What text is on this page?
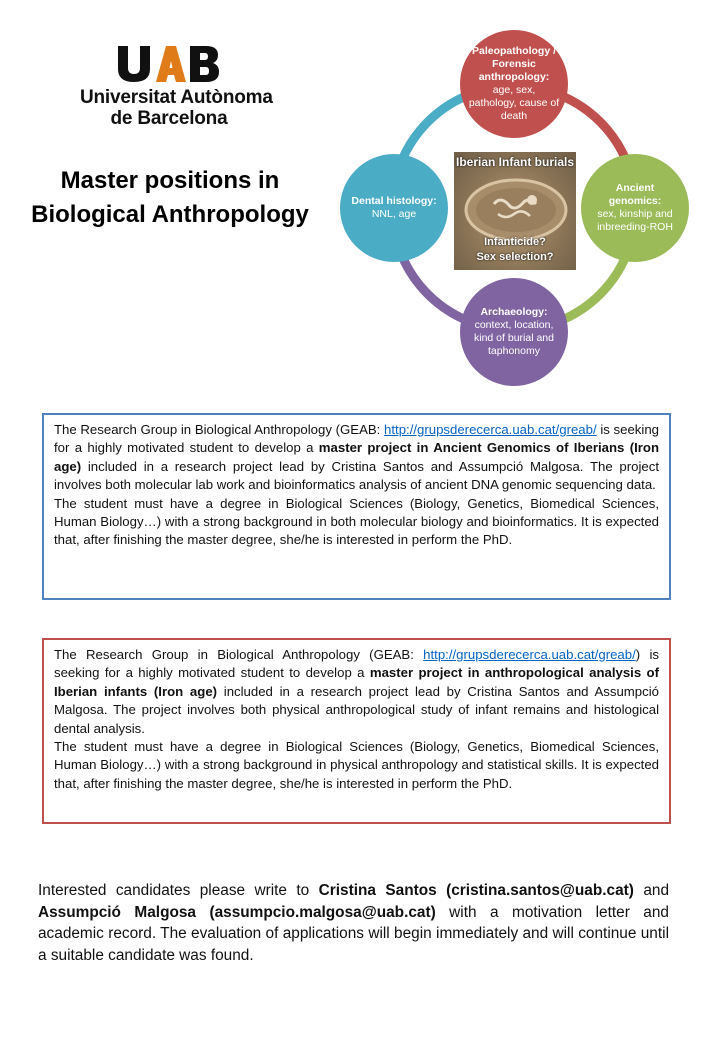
Universitat Autònoma
de Barcelona
Master positions in
Biological Anthropology
Paleopathology / Forensic anthropology:
age, sex, pathology, cause of death
Dental histology:
NNL, age
Ancient genomics:
sex, kinship and inbreeding-ROH
Archaeology:
context, location, kind of burial and taphonomy
Iberian Infant burials
Infanticide?
Sex selection?

The Research Group in Biological Anthropology (GEAB: http://grupsderecerca.uab.cat/greab/ is seeking for a highly motivated student to develop a master project in Ancient Genomics of Iberians (Iron age) included in a research project lead by Cristina Santos and Assumpció Malgosa. The project involves both molecular lab work and bioinformatics analysis of ancient DNA genomic sequencing data.

The student must have a degree in Biological Sciences (Biology, Genetics, Biomedical Sciences, Human Biology…) with a strong background in both molecular biology and bioinformatics. It is expected that, after finishing the master degree, she/he is interested in perform the PhD.

The Research Group in Biological Anthropology (GEAB: http://grupsderecerca.uab.cat/greab/) is seeking for a highly motivated student to develop a master project in anthropological analysis of Iberian infants (Iron age) included in a research project lead by Cristina Santos and Assumpció Malgosa. The project involves both physical anthropological study of infant remains and histological dental analysis.

The student must have a degree in Biological Sciences (Biology, Genetics, Biomedical Sciences, Human Biology…) with a strong background in physical anthropology and statistical skills. It is expected that, after finishing the master degree, she/he is interested in perform the PhD.

Interested candidates please write to Cristina Santos (cristina.santos@uab.cat) and Assumpció Malgosa (assumpcio.malgosa@uab.cat) with a motivation letter and academic record. The evaluation of applications will begin immediately and will continue until a suitable candidate was found.
